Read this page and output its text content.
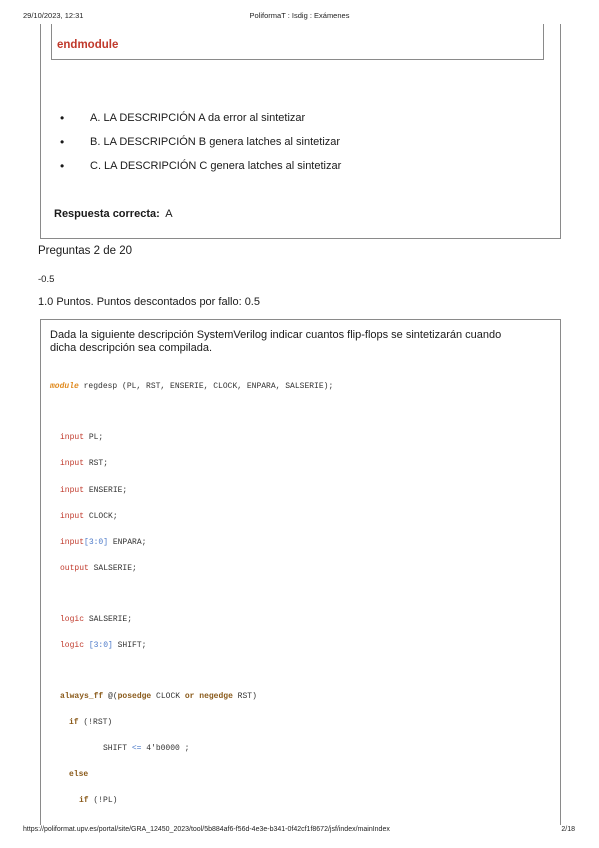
29/10/2023, 12:31	PoliformaT : Isdig : Exámenes
endmodule
• A. LA DESCRIPCIÓN A da error al sintetizar
• B. LA DESCRIPCIÓN B genera latches al sintetizar
• C. LA DESCRIPCIÓN C genera latches al sintetizar
Respuesta correcta: A
Preguntas 2 de 20
-0.5
1.0 Puntos. Puntos descontados por fallo: 0.5
Dada la siguiente descripción SystemVerilog indicar cuantos flip-flops se sintetizarán cuando dicha descripción sea compilada.
module regdesp (PL, RST, ENSERIE, CLOCK, ENPARA, SALSERIE);
input PL;
input RST;
input ENSERIE;
input CLOCK;
input[3:0] ENPARA;
output SALSERIE;
logic SALSERIE;
logic [3:0] SHIFT;
always_ff @(posedge CLOCK or negedge RST)
if (!RST)
SHIFT <= 4'b0000 ;
else
if (!PL)
https://poliformat.upv.es/portal/site/GRA_12450_2023/tool/5b884af6-f56d-4e3e-b341-0f42cf1f8672/jsf/index/mainIndex	2/18
